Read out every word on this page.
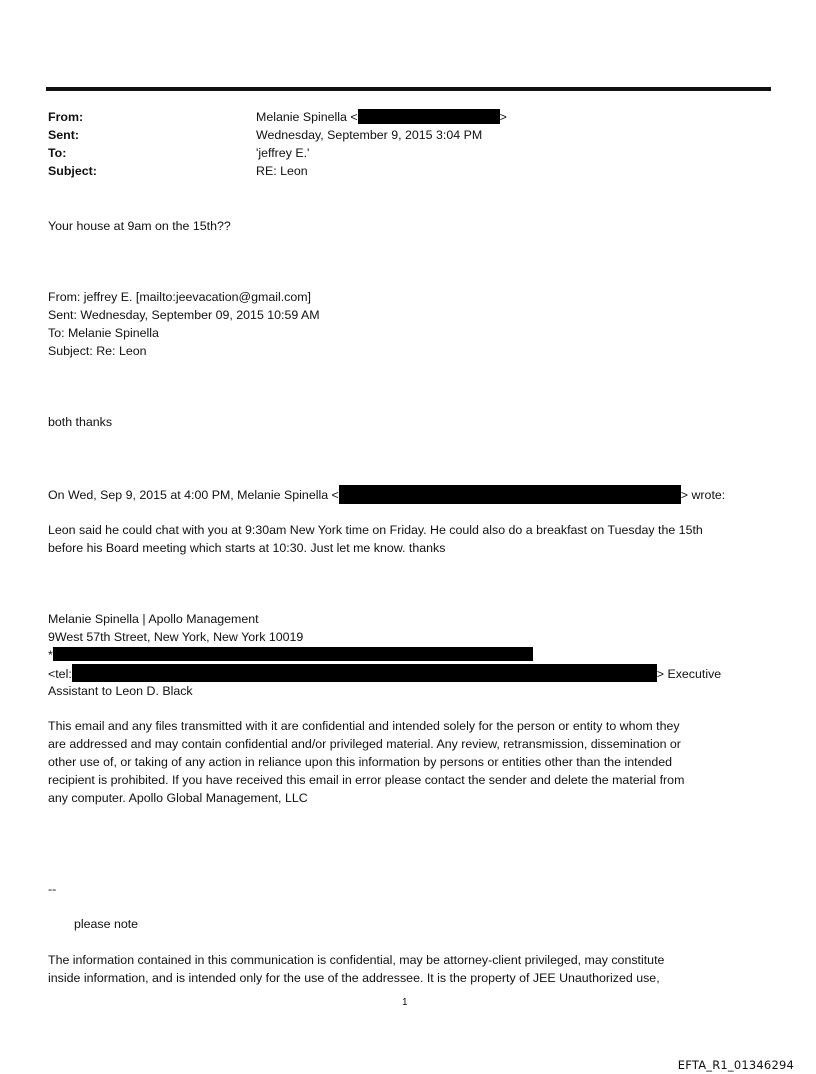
From:	Melanie Spinella <	>
Sent:	Wednesday, September 9, 2015 3:04 PM
To:	'jeffrey E.'
Subject:	RE: Leon
Your house at 9am on the 15th??
From: jeffrey E. [mailto:jeevacation@gmail.com]
Sent: Wednesday, September 09, 2015 10:59 AM
To: Melanie Spinella
Subject: Re: Leon
both thanks
On Wed, Sep 9, 2015 at 4:00 PM, Melanie Spinella <	> wrote:
Leon said he could chat with you at 9:30am New York time on Friday. He could also do a breakfast on Tuesday the 15th
before his Board meeting which starts at 10:30. Just let me know. thanks
Melanie Spinella | Apollo Management
9West 57th Street, New York, New York 10019
*
<tel:	> Executive
Assistant to Leon D. Black
This email and any files transmitted with it are confidential and intended solely for the person or entity to whom they
are addressed and may contain confidential and/or privileged material. Any review, retransmission, dissemination or
other use of, or taking of any action in reliance upon this information by persons or entities other than the intended
recipient is prohibited. If you have received this email in error please contact the sender and delete the material from
any computer. Apollo Global Management, LLC
--
please note
The information contained in this communication is confidential, may be attorney-client privileged, may constitute
inside information, and is intended only for the use of the addressee. It is the property of JEE Unauthorized use,
1
EFTA_R1_01346294
